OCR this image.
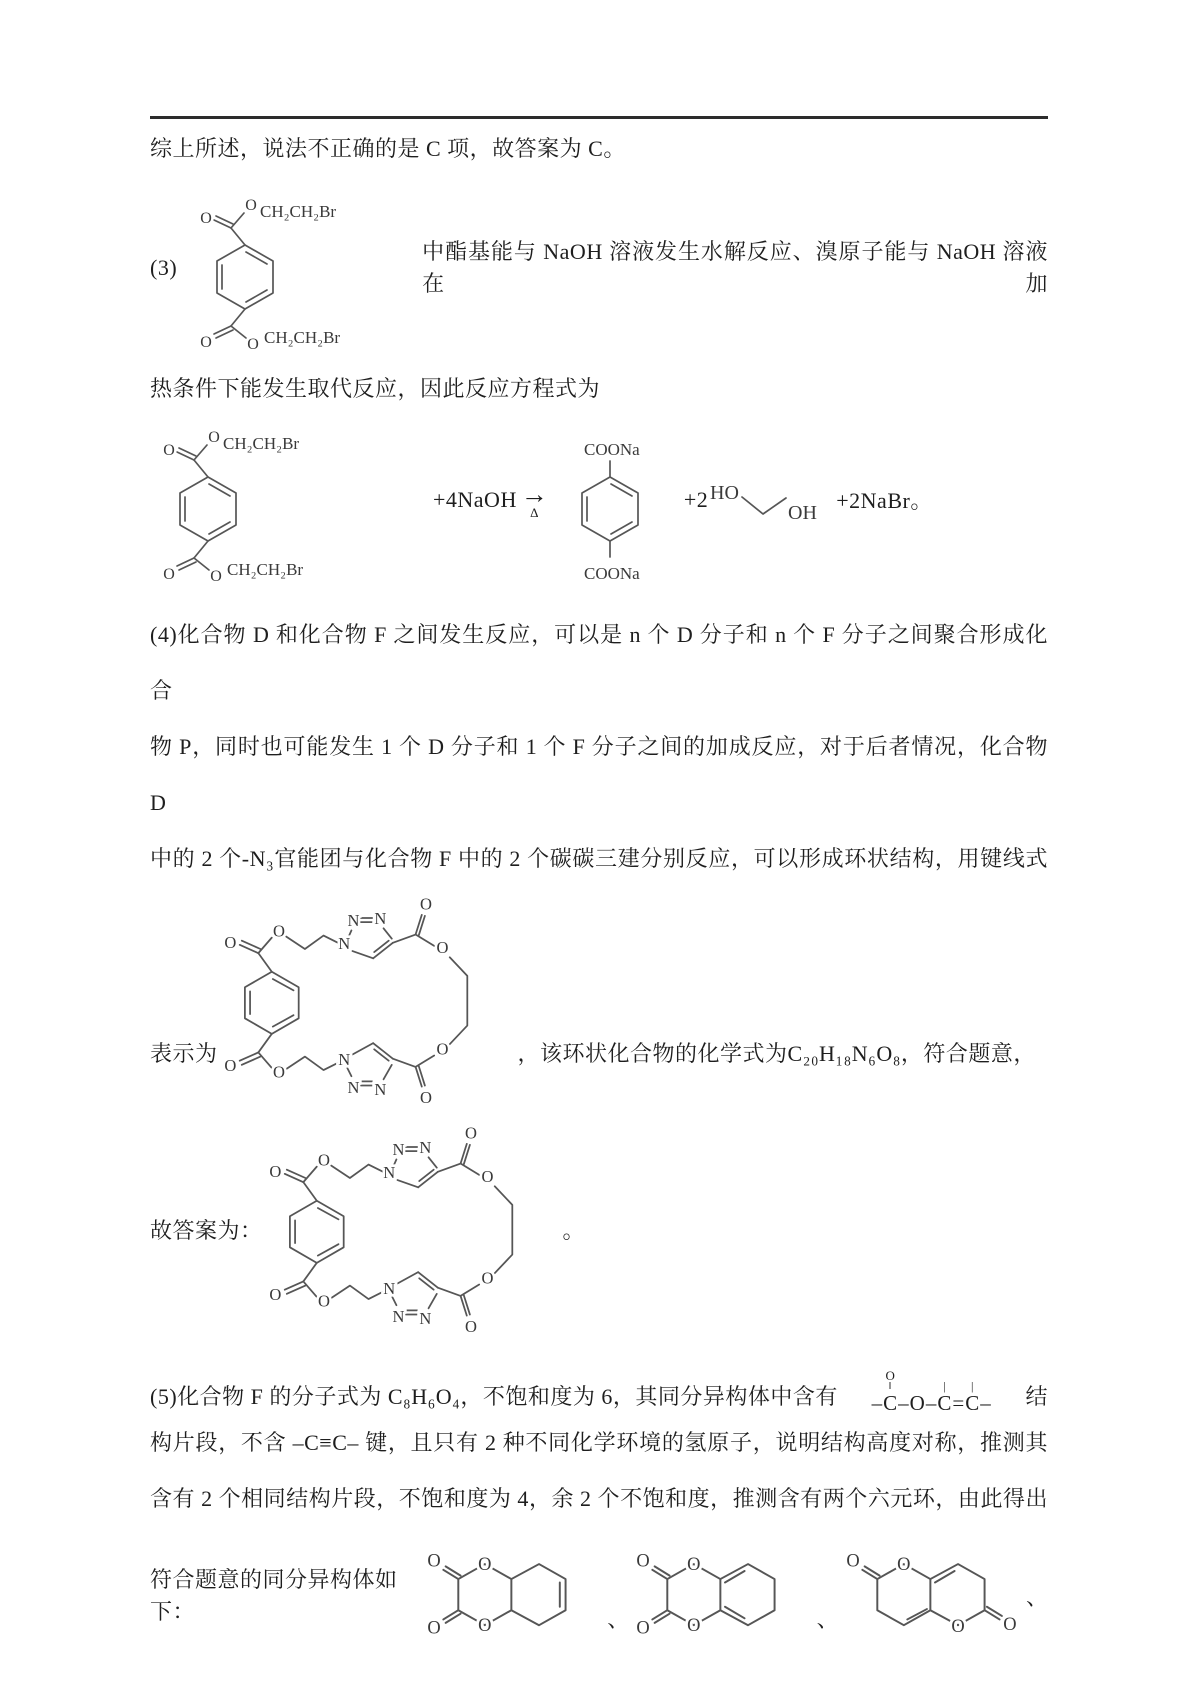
综上所述，说法不正确的是 C 项，故答案为 C。

(3)
O
O CH₂CH₂Br
O O CH₂CH₂Br
中酯基能与 NaOH 溶液发生水解反应、溴原子能与 NaOH 溶液在加

热条件下能发生取代反应，因此反应方程式为

O
O CH₂CH₂Br
O O CH₂CH₂Br
+4NaOH →
Δ
COONa
COONa
+2 HO
OH +2NaBr。

(4)化合物 D 和化合物 F 之间发生反应，可以是 n 个 D 分子和 n 个 F 分子之间聚合形成化合

物 P，同时也可能发生 1 个 D 分子和 1 个 F 分子之间的加成反应，对于后者情况，化合物 D

中的 2 个-N₃官能团与化合物 F 中的 2 个碳碳三建分别反应，可以形成环状结构，用键线式

表示为
O
O
N
N N
O
O
O
O O
N
N N O
，该环状化合物的化学式为C₂₀H₁₈N₆O₈，符合题意，
故答案为：
O
O
N
N N
O
O
O
O O
N
N N O
。
(5)化合物 F 的分子式为 C₈H₆O₄，不饱和度为 6，其同分异构体中含有 –
O
‖
C – O –
|
C =
|
C – 结

构片段，不含 –C≡C– 键，且只有 2 种不同化学环境的氢原子，说明结构高度对称，推测其

含有 2 个相同结构片段，不饱和度为 4，余 2 个不饱和度，推测含有两个六元环，由此得出

符合题意的同分异构体如下：
O
O
O
O	、
O
O
O
O	、
O O
O O
、
